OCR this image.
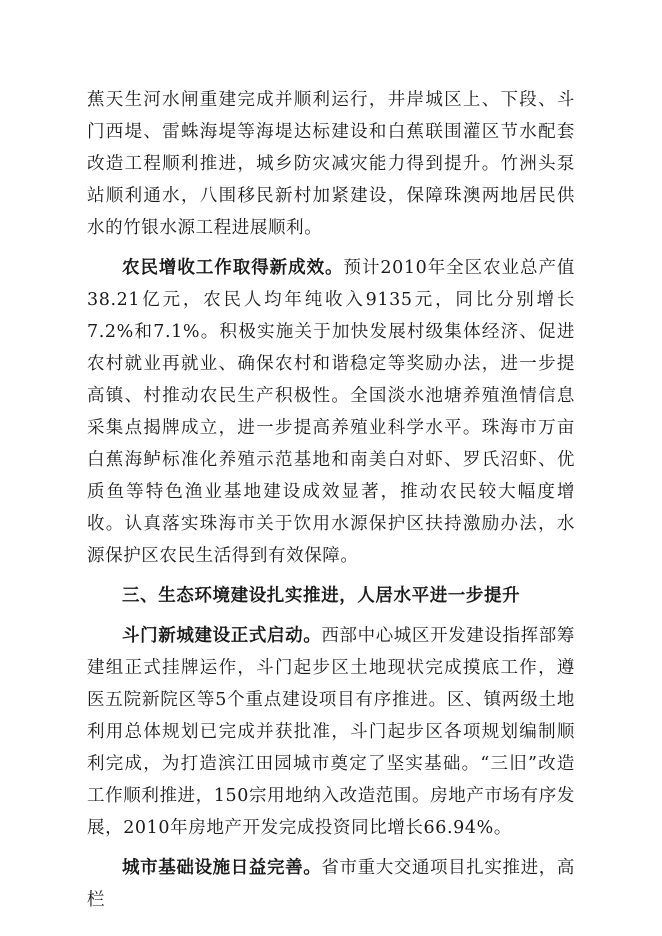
蕉天生河水闸重建完成并顺利运行，井岸城区上、下段、斗门西堤、雷蛛海堤等海堤达标建设和白蕉联围灌区节水配套改造工程顺利推进，城乡防灾减灾能力得到提升。竹洲头泵站顺利通水，八围移民新村加紧建设，保障珠澳两地居民供水的竹银水源工程进展顺利。

农民增收工作取得新成效。预计2010年全区农业总产值38.21亿元，农民人均年纯收入9135元，同比分别增长7.2%和7.1%。积极实施关于加快发展村级集体经济、促进农村就业再就业、确保农村和谐稳定等奖励办法，进一步提高镇、村推动农民生产积极性。全国淡水池塘养殖渔情信息采集点揭牌成立，进一步提高养殖业科学水平。珠海市万亩白蕉海鲈标准化养殖示范基地和南美白对虾、罗氏沼虾、优质鱼等特色渔业基地建设成效显著，推动农民较大幅度增收。认真落实珠海市关于饮用水源保护区扶持激励办法，水源保护区农民生活得到有效保障。

三、生态环境建设扎实推进，人居水平进一步提升

斗门新城建设正式启动。西部中心城区开发建设指挥部筹建组正式挂牌运作，斗门起步区土地现状完成摸底工作，遵医五院新院区等5个重点建设项目有序推进。区、镇两级土地利用总体规划已完成并获批准，斗门起步区各项规划编制顺利完成，为打造滨江田园城市奠定了坚实基础。“三旧”改造工作顺利推进，150宗用地纳入改造范围。房地产市场有序发展，2010年房地产开发完成投资同比增长66.94%。

城市基础设施日益完善。省市重大交通项目扎实推进，高栏
